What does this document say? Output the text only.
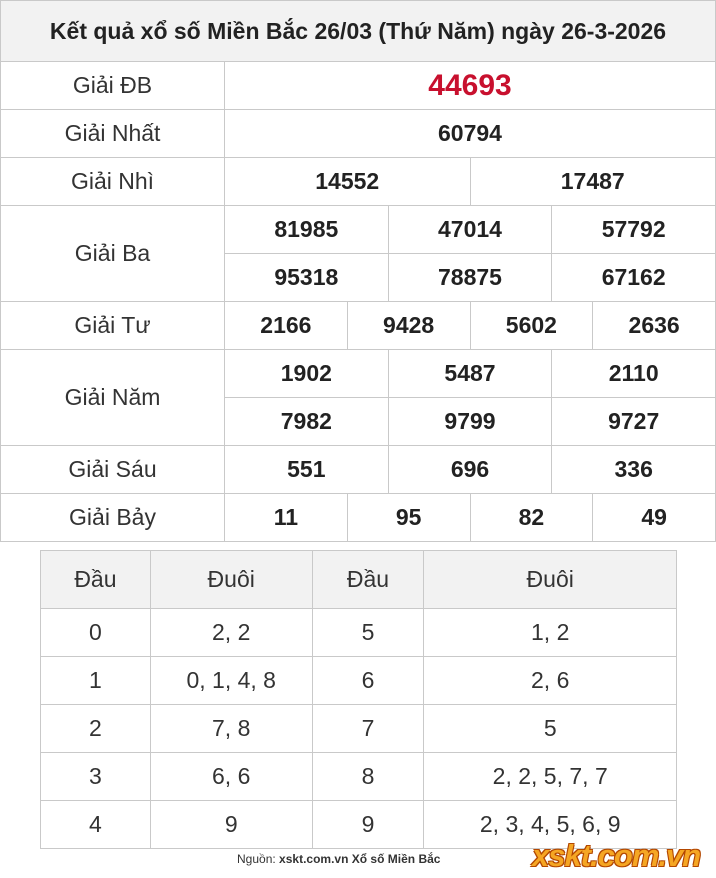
Kết quả xổ số Miền Bắc 26/03 (Thứ Năm) ngày 26-3-2026
Giải ĐB	44693
Giải Nhất	60794
Giải Nhì	14552	17487
Giải Ba
81985	47014	57792
95318	78875	67162
Giải Tư	2166	9428	5602	2636
Giải Năm
1902	5487	2110
7982	9799	9727
Giải Sáu	551	696	336
Giải Bảy	11	95	82	49
Đầu	Đuôi	Đầu	Đuôi
0	2, 2	5	1, 2
1	0, 1, 4, 8	6	2, 6
2	7, 8	7	5
3	6, 6	8	2, 2, 5, 7, 7
4	9	9	2, 3, 4, 5, 6, 9
Nguồn: xskt.com.vn Xổ số Miền Bắc	xskt.com.vn
